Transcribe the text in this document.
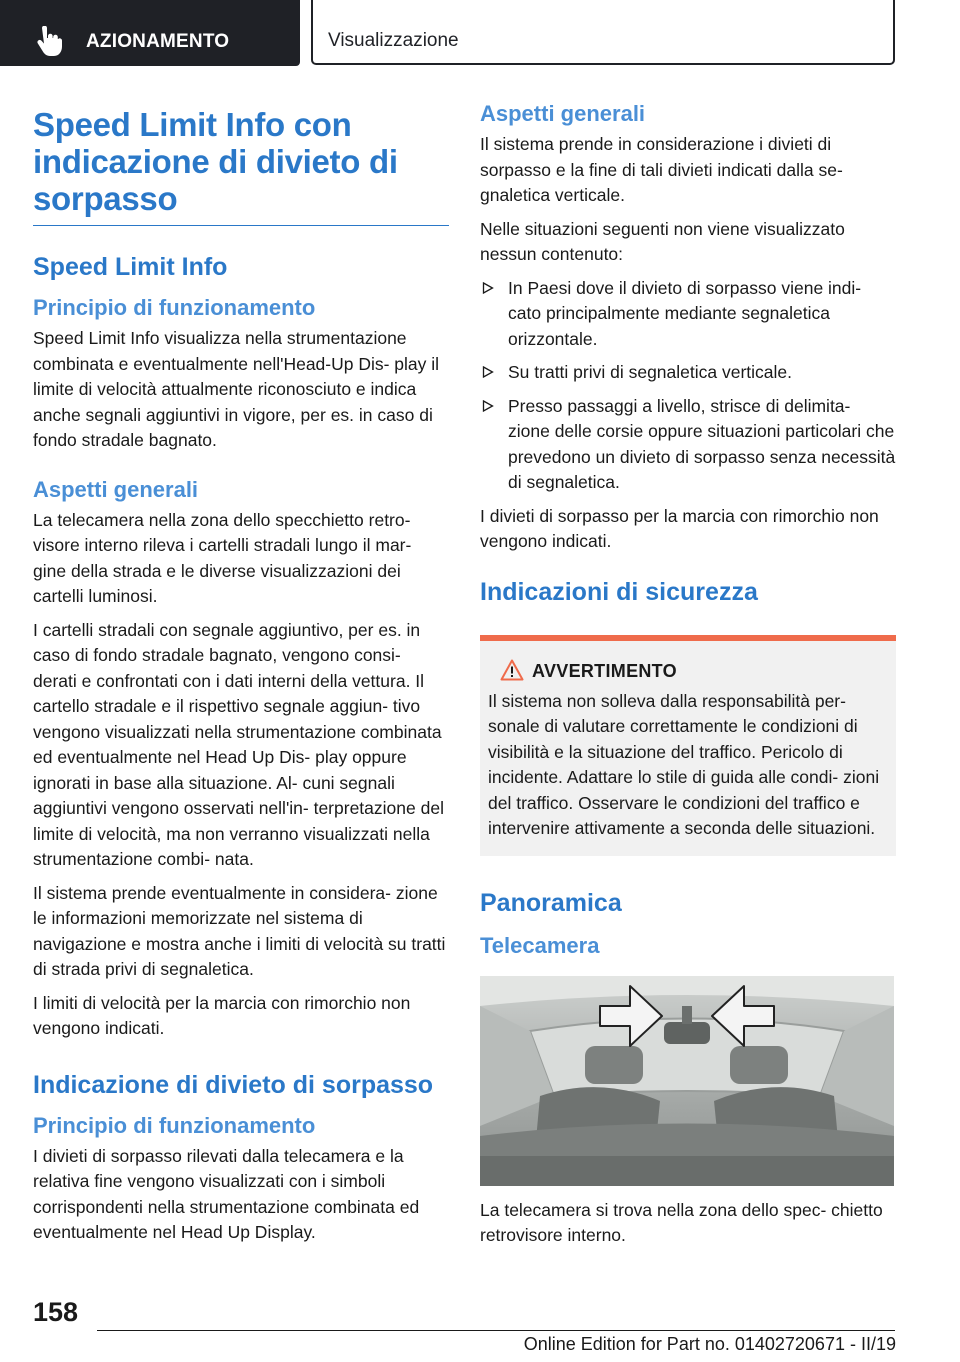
AZIONAMENTO	Visualizzazione
Speed Limit Info con indicazione di divieto di sorpasso
Speed Limit Info
Principio di funzionamento

Speed Limit Info visualizza nella strumentazione combinata e eventualmente nell'Head-Up Dis‐ play il limite di velocità attualmente riconosciuto e indica anche segnali aggiuntivi in vigore, per es. in caso di fondo stradale bagnato.

Aspetti generali

La telecamera nella zona dello specchietto retro‐ visore interno rileva i cartelli stradali lungo il mar‐ gine della strada e le diverse visualizzazioni dei cartelli luminosi.

I cartelli stradali con segnale aggiuntivo, per es. in caso di fondo stradale bagnato, vengono consi‐ derati e confrontati con i dati interni della vettura. Il cartello stradale e il rispettivo segnale aggiun‐ tivo vengono visualizzati nella strumentazione combinata ed eventualmente nel Head Up Dis‐ play oppure ignorati in base alla situazione. Al‐ cuni segnali aggiuntivi vengono osservati nell'in‐ terpretazione del limite di velocità, ma non verranno visualizzati nella strumentazione combi‐ nata.

Il sistema prende eventualmente in considera‐ zione le informazioni memorizzate nel sistema di navigazione e mostra anche i limiti di velocità su tratti di strada privi di segnaletica.

I limiti di velocità per la marcia con rimorchio non vengono indicati.

Indicazione di divieto di sorpasso
Principio di funzionamento

I divieti di sorpasso rilevati dalla telecamera e la relativa fine vengono visualizzati con i simboli corrispondenti nella strumentazione combinata ed eventualmente nel Head Up Display.

Aspetti generali

Il sistema prende in considerazione i divieti di sorpasso e la fine di tali divieti indicati dalla se‐ gnaletica verticale.

Nelle situazioni seguenti non viene visualizzato nessun contenuto:

In Paesi dove il divieto di sorpasso viene indi‐ cato principalmente mediante segnaletica orizzontale.
Su tratti privi di segnaletica verticale.
Presso passaggi a livello, strisce di delimita‐ zione delle corsie oppure situazioni particolari che prevedono un divieto di sorpasso senza necessità di segnaletica.

I divieti di sorpasso per la marcia con rimorchio non vengono indicati.

Indicazioni di sicurezza
AVVERTIMENTO

Il sistema non solleva dalla responsabilità per‐ sonale di valutare correttamente le condizioni di visibilità e la situazione del traffico. Pericolo di incidente. Adattare lo stile di guida alle condi‐ zioni del traffico. Osservare le condizioni del traffico e intervenire attivamente a seconda delle situazioni.

Panoramica
Telecamera

La telecamera si trova nella zona dello spec‐ chietto retrovisore interno.

158
Online Edition for Part no. 01402720671 - II/19
